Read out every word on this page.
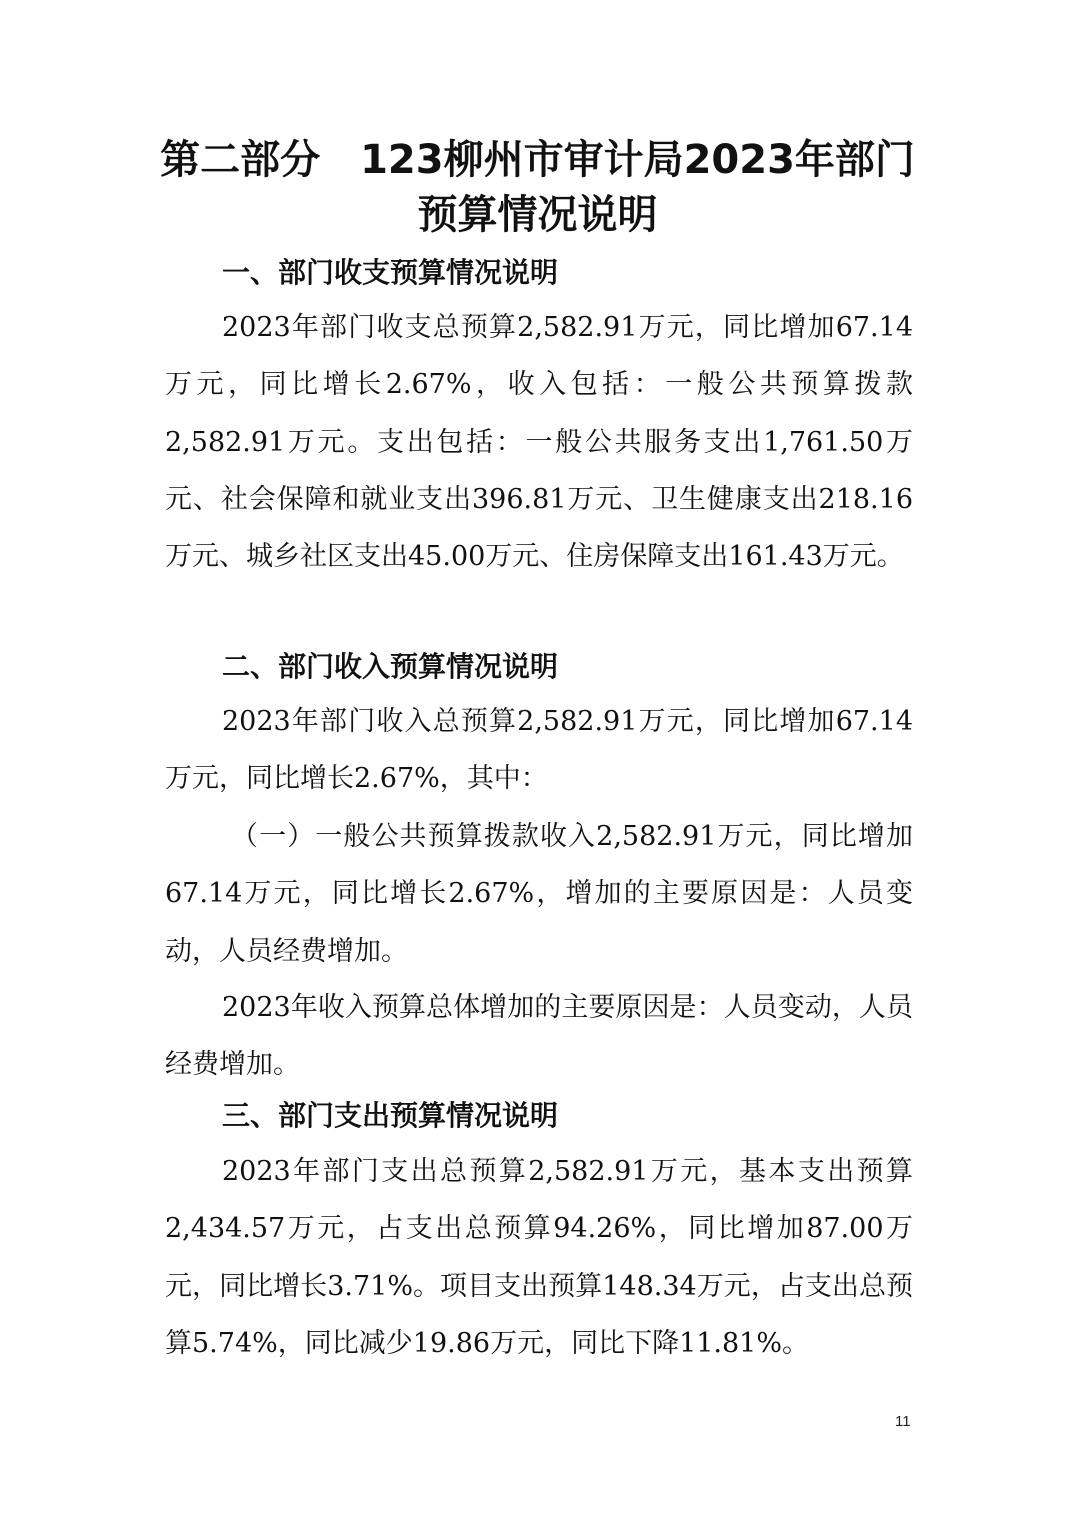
第二部分　123柳州市审计局2023年部门
预算情况说明
一、部门收支预算情况说明

2023年部门收支总预算2,582.91万元，同比增加67.14万元，同比增长2.67%，收入包括：一般公共预算拨款2,582.91万元。支出包括：一般公共服务支出1,761.50万元、社会保障和就业支出396.81万元、卫生健康支出218.16万元、城乡社区支出45.00万元、住房保障支出161.43万元。

二、部门收入预算情况说明

2023年部门收入总预算2,582.91万元，同比增加67.14万元，同比增长2.67%，其中：

（一）一般公共预算拨款收入2,582.91万元，同比增加67.14万元，同比增长2.67%，增加的主要原因是：人员变动，人员经费增加。

2023年收入预算总体增加的主要原因是：人员变动，人员经费增加。

三、部门支出预算情况说明

2023年部门支出总预算2,582.91万元，基本支出预算2,434.57万元，占支出总预算94.26%，同比增加87.00万元，同比增长3.71%。项目支出预算148.34万元，占支出总预算5.74%，同比减少19.86万元，同比下降11.81%。

11
